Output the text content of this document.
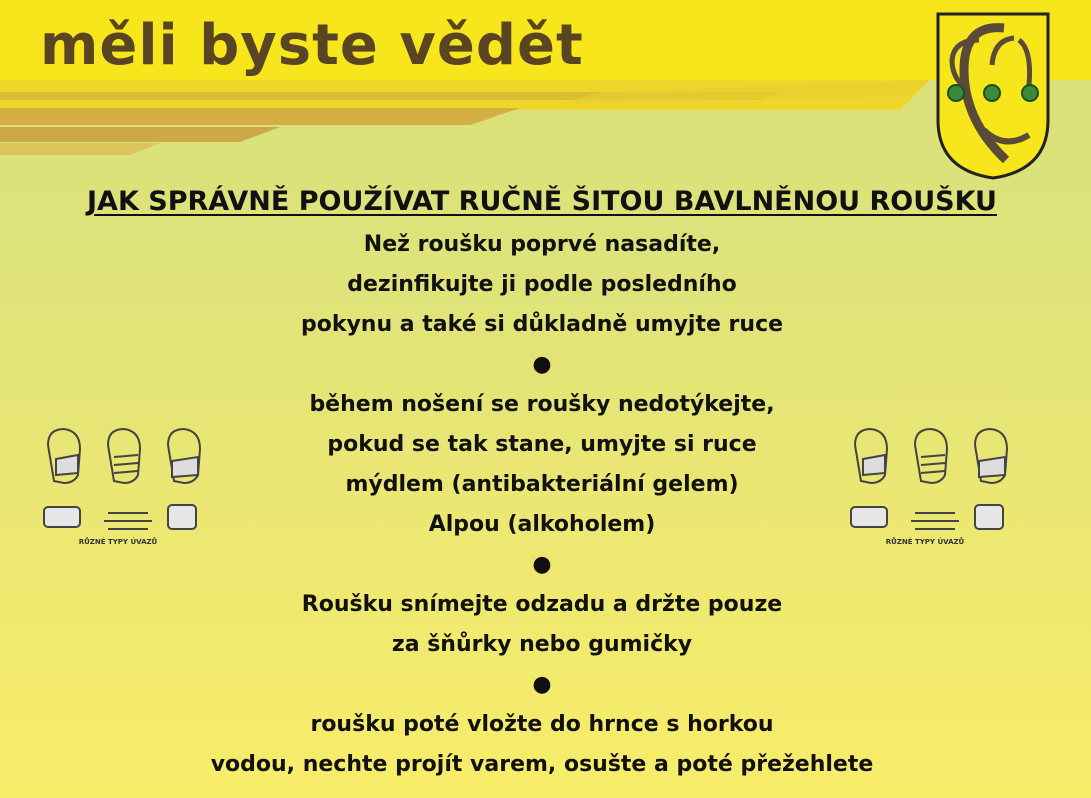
měli byste vědět
JAK SPRÁVNĚ POUŽÍVAT RUČNĚ ŠITOU BAVLNĚNOU ROUŠKU
Než roušku poprvé nasadíte,
dezinfikujte ji podle posledního
pokynu a také si důkladně umyjte ruce
●
během nošení se roušky nedotýkejte,
pokud se tak stane, umyjte si ruce
mýdlem (antibakteriální gelem)
Alpou (alkoholem)
●
Roušku snímejte odzadu a držte pouze
za šňůrky nebo gumičky
●
roušku poté vložte do hrnce s horkou
vodou, nechte projít varem, osušte a poté přežehlete
RŮZNÉ TYPY ÚVAZŮ	RŮZNÉ TYPY ÚVAZŮ
